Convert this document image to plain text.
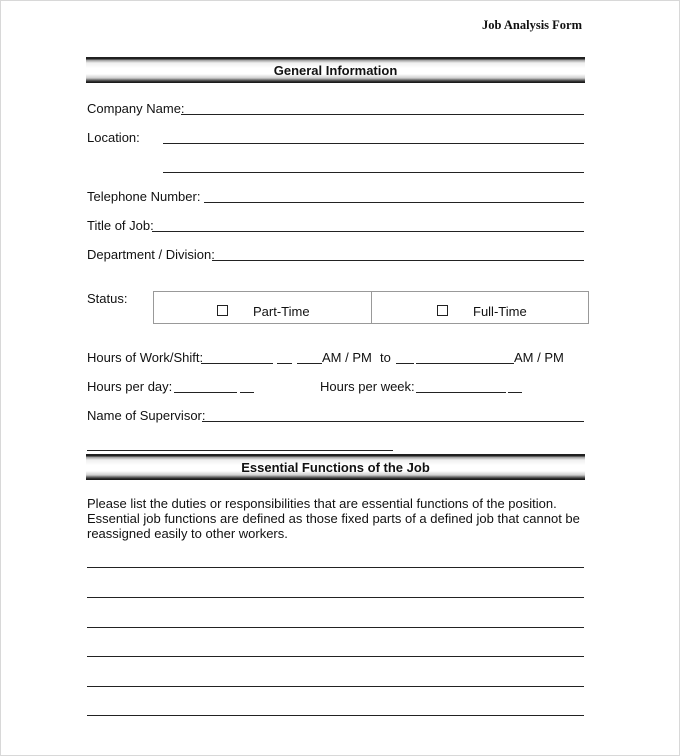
Job Analysis Form
General Information
Company Name:
Location:
Telephone Number:
Title of Job:
Department / Division:
Status:
Part-Time	Full-Time
Hours of Work/Shift:	AM / PM to	AM / PM
Hours per day:	Hours per week:
Name of Supervisor:
Essential Functions of the Job
Please list the duties or responsibilities that are essential functions of the position.
Essential job functions are defined as those fixed parts of a defined job that cannot be
reassigned easily to other workers.
